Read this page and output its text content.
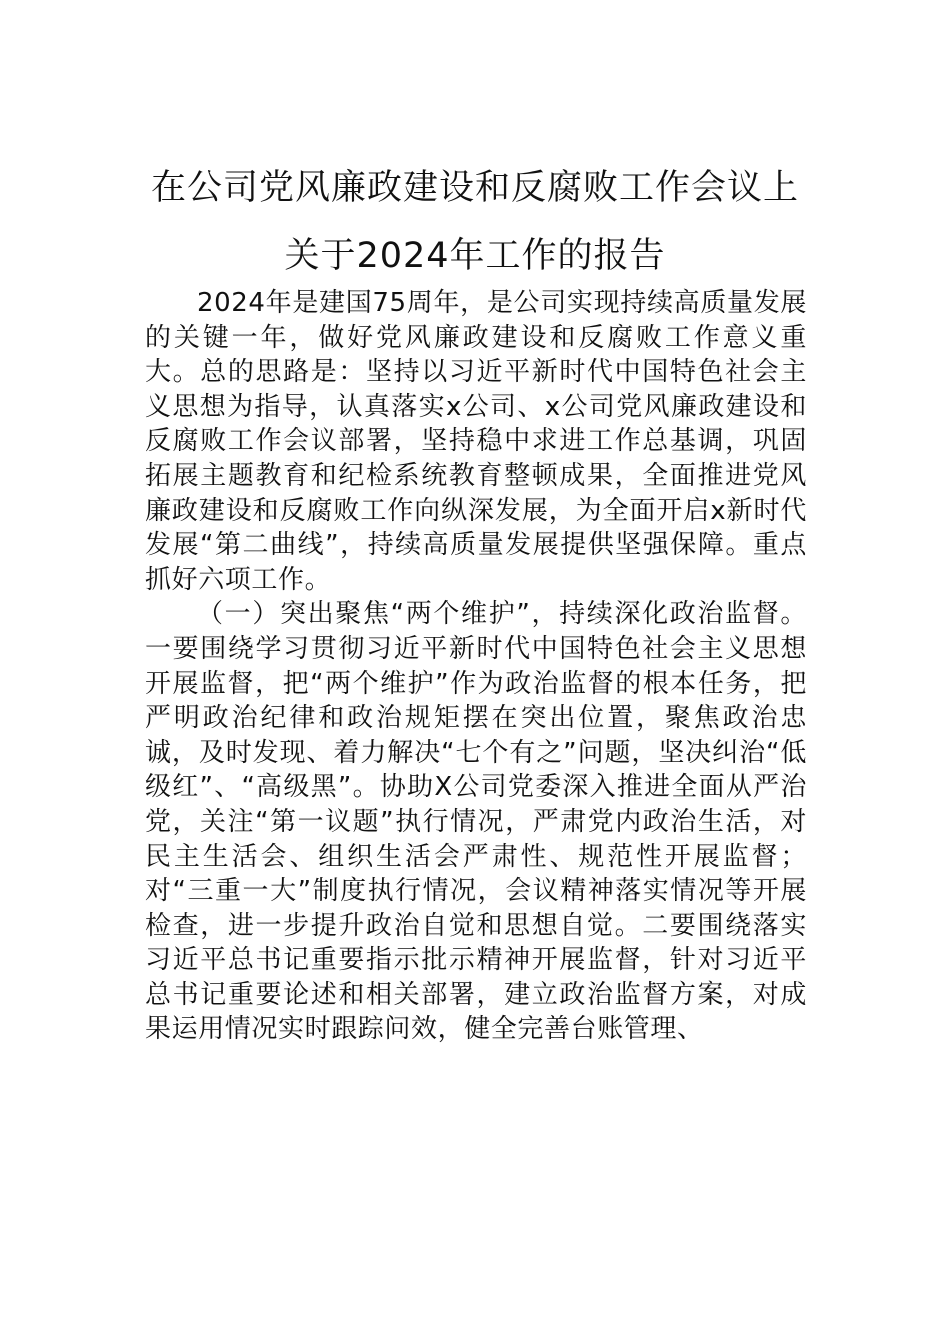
在公司党风廉政建设和反腐败工作会议上
关于2024年工作的报告

2024年是建国75周年，是公司实现持续高质量发展的关键一年，做好党风廉政建设和反腐败工作意义重大。总的思路是：坚持以习近平新时代中国特色社会主义思想为指导，认真落实x公司、x公司党风廉政建设和反腐败工作会议部署，坚持稳中求进工作总基调，巩固拓展主题教育和纪检系统教育整顿成果，全面推进党风廉政建设和反腐败工作向纵深发展，为全面开启x新时代发展“第二曲线”，持续高质量发展提供坚强保障。重点抓好六项工作。

（一）突出聚焦“两个维护”，持续深化政治监督。一要围绕学习贯彻习近平新时代中国特色社会主义思想开展监督，把“两个维护”作为政治监督的根本任务，把严明政治纪律和政治规矩摆在突出位置，聚焦政治忠诚，及时发现、着力解决“七个有之”问题，坚决纠治“低级红”、“高级黑”。协助X公司党委深入推进全面从严治党，关注“第一议题”执行情况，严肃党内政治生活，对民主生活会、组织生活会严肃性、规范性开展监督；对“三重一大”制度执行情况，会议精神落实情况等开展检查，进一步提升政治自觉和思想自觉。二要围绕落实习近平总书记重要指示批示精神开展监督，针对习近平总书记重要论述和相关部署，建立政治监督方案，对成果运用情况实时跟踪问效，健全完善台账管理、
